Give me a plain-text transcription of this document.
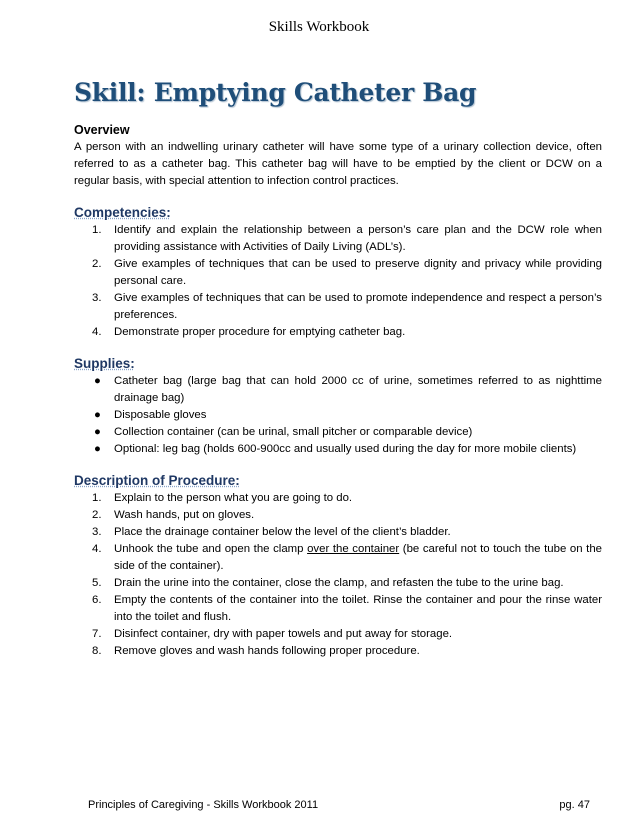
Skills Workbook
Skill: Emptying Catheter Bag
Overview

A person with an indwelling urinary catheter will have some type of a urinary collection device, often referred to as a catheter bag. This catheter bag will have to be emptied by the client or DCW on a regular basis, with special attention to infection control practices.

Competencies:
1. Identify and explain the relationship between a person’s care plan and the DCW role when providing assistance with Activities of Daily Living (ADL’s).
2. Give examples of techniques that can be used to preserve dignity and privacy while providing personal care.
3. Give examples of techniques that can be used to promote independence and respect a person’s preferences.
4. Demonstrate proper procedure for emptying catheter bag.
Supplies:
● Catheter bag (large bag that can hold 2000 cc of urine, sometimes referred to as nighttime drainage bag)
● Disposable gloves
● Collection container (can be urinal, small pitcher or comparable device)
● Optional: leg bag (holds 600-900cc and usually used during the day for more mobile clients)
Description of Procedure:
1. Explain to the person what you are going to do.
2. Wash hands, put on gloves.
3. Place the drainage container below the level of the client’s bladder.
4. Unhook the tube and open the clamp over the container (be careful not to touch the tube on the side of the container).
5. Drain the urine into the container, close the clamp, and refasten the tube to the urine bag.
6. Empty the contents of the container into the toilet. Rinse the container and pour the rinse water into the toilet and flush.
7. Disinfect container, dry with paper towels and put away for storage.
8. Remove gloves and wash hands following proper procedure.
Principles of Caregiving - Skills Workbook 2011	pg. 47
